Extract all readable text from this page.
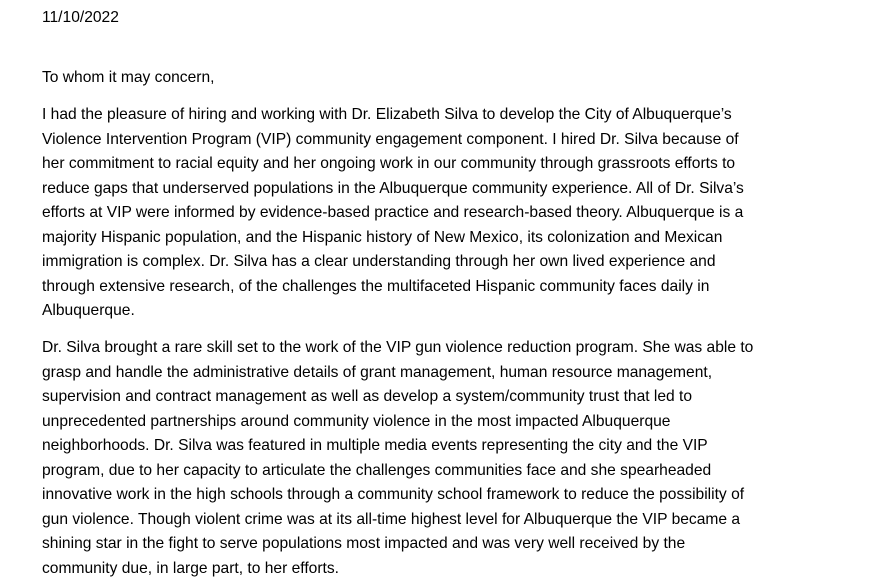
11/10/2022

To whom it may concern,

I had the pleasure of hiring and working with Dr. Elizabeth Silva to develop the City of Albuquerque’s
Violence Intervention Program (VIP) community engagement component. I hired Dr. Silva because of
her commitment to racial equity and her ongoing work in our community through grassroots efforts to
reduce gaps that underserved populations in the Albuquerque community experience. All of Dr. Silva’s
efforts at VIP were informed by evidence-based practice and research-based theory. Albuquerque is a
majority Hispanic population, and the Hispanic history of New Mexico, its colonization and Mexican
immigration is complex. Dr. Silva has a clear understanding through her own lived experience and
through extensive research, of the challenges the multifaceted Hispanic community faces daily in
Albuquerque.

Dr. Silva brought a rare skill set to the work of the VIP gun violence reduction program. She was able to
grasp and handle the administrative details of grant management, human resource management,
supervision and contract management as well as develop a system/community trust that led to
unprecedented partnerships around community violence in the most impacted Albuquerque
neighborhoods. Dr. Silva was featured in multiple media events representing the city and the VIP
program, due to her capacity to articulate the challenges communities face and she spearheaded
innovative work in the high schools through a community school framework to reduce the possibility of
gun violence. Though violent crime was at its all-time highest level for Albuquerque the VIP became a
shining star in the fight to serve populations most impacted and was very well received by the
community due, in large part, to her efforts.
